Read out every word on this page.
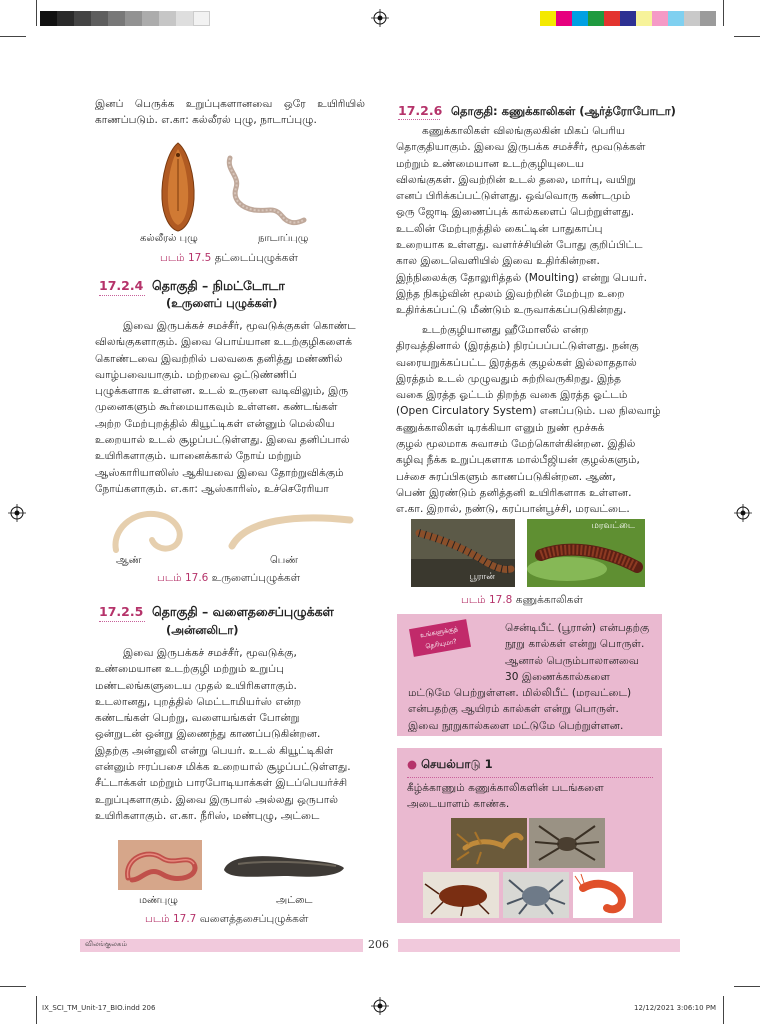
இனப் பெருக்க உறுப்புகளானவை ஒரே உயிரியில் காணப்படும். எ.கா: கல்லீரல் புழு, நாடாப்புழு.
கல்லீரல் புழு	நாடாப்புழு
படம் 17.5 தட்டைப்புழுக்கள்
17.2.4 தொகுதி – நிமட்டோடா
(உருளைப் புழுக்கள்)
இவை இருபக்கச் சமச்சீர், மூவடுக்குகள் கொண்ட
விலங்குகளாகும். இவை பொய்யான உடற்குழிகளைக்
கொண்டவை இவற்றில் பலவகை தனித்து மண்ணில்
வாழ்பவையாகும். மற்றவை ஒட்டுண்ணிப்
புழுக்களாக உள்ளன. உடல் உருளை வடிவிலும், இரு
முனைகளும் கூர்மையாகவும் உள்ளன. கண்டங்கள்
அற்ற மேற்புறத்தில் கியூட்டிகள் என்னும் மெல்லிய
உறையால் உடல் சூழப்பட்டுள்ளது. இவை தனிப்பால்
உயிரிகளாகும். யானைக்கால் நோய் மற்றும்
ஆஸ்காரியாஸிஸ் ஆகியவை இவை தோற்றுவிக்கும்
நோய்களாகும். எ.கா: ஆஸ்காரிஸ், உச்செரேரியா
ஆண்	பெண்
படம் 17.6 உருளைப்புழுக்கள்
17.2.5 தொகுதி – வளைதசைப்புழுக்கள்
(அன்னலிடா)
இவை இருபக்கச் சமச்சீர், மூவடுக்கு,
உண்மையான உடற்குழி மற்றும் உறுப்பு
மண்டலங்களுடைய முதல் உயிரிகளாகும்.
உடலானது, புறத்தில் மெட்டாமியர்ஸ் என்ற
கண்டங்கள் பெற்று, வளையங்கள் போன்று
ஒன்றுடன் ஒன்று இணைந்து காணப்படுகின்றன.
இதற்கு அன்னுலி என்று பெயர். உடல் கியூட்டிகிள்
என்னும் ஈரப்பசை மிக்க உறையால் சூழப்பட்டுள்ளது.
சீட்டாக்கள் மற்றும் பாரபோடியாக்கள் இடப்பெயர்ச்சி
உறுப்புகளாகும். இவை இருபால் அல்லது ஒருபால்
உயிரிகளாகும். எ.கா. நீரிஸ், மண்புழு, அட்டை
மண்புழு	அட்டை
படம் 17.7 வளைத்தசைப்புழுக்கள்
17.2.6 தொகுதி: கணுக்காலிகள் (ஆர்த்ரோபோடா)
கணுக்காலிகள் விலங்குலகின் மிகப் பெரிய
தொகுதியாகும். இவை இருபக்க சமச்சீர், மூவடுக்கள்
மற்றும் உண்மையான உடற்குழியுடைய
விலங்குகள். இவற்றின் உடல் தலை, மார்பு, வயிறு
எனப் பிரிக்கப்பட்டுள்ளது. ஒவ்வொரு கண்டமும்
ஒரு ஜோடி இணைப்புக் கால்களைப் பெற்றுள்ளது.
உடலின் மேற்புறத்தில் கைட்டின் பாதுகாப்பு
உறையாக உள்ளது. வளர்ச்சியின் போது குறிப்பிட்ட
கால இடைவெளியில் இவை உதிர்கின்றன.
இந்நிலைக்கு தோலுரித்தல் (Moulting) என்று பெயர்.
இந்த நிகழ்வின் மூலம் இவற்றின் மேற்புற உறை
உதிர்க்கப்பட்டு மீண்டும் உருவாக்கப்படுகின்றது.
உடற்குழியானது ஹீமோஸீல் என்ற
திரவத்தினால் (இரத்தம்) நிரப்பப்பட்டுள்ளது. நன்கு
வரையறுக்கப்பட்ட இரத்தக் குழல்கள் இல்லாததால்
இரத்தம் உடல் முழுவதும் சுற்றிவருகிறது. இந்த
வகை இரத்த ஓட்டம் திறந்த வகை இரத்த ஓட்டம்
(Open Circulatory System) எனப்படும். பல நிலவாழ்
கணுக்காலிகள் டிரக்கியா எனும் நுண் மூச்சுக்
குழல் மூலமாக சுவாசம் மேற்கொள்கின்றன. இதில்
கழிவு நீக்க உறுப்புகளாக மால்பீஜியன் குழல்களும்,
பச்சை சுரப்பிகளும் காணப்படுகின்றன. ஆண்,
பெண் இரண்டும் தனித்தனி உயிரிகளாக உள்ளன.
எ.கா. இறால், நண்டு, கரப்பான்பூச்சி, மரவட்டை.
பூரான்
மரவட்டை
படம் 17.8 கணுக்காலிகள்
உங்களுக்குத்
தெரியுமா?
சென்டிபீட் (பூரான்) என்பதற்கு
நூறு கால்கள் என்று பொருள்.
ஆனால் பெரும்பாலானவை
30 இணைக்கால்களை
மட்டுமே பெற்றுள்ளன. மில்லிபீட் (மரவட்டை)
என்பதற்கு ஆயிரம் கால்கள் என்று பொருள்.
இவை நூறுகால்களை மட்டுமே பெற்றுள்ளன.
● செயல்பாடு 1
கீழ்க்காணும் கணுக்காலிகளின் படங்களை
அடையாளம் காண்க.
விலங்குலகம்	206
IX_SCI_TM_Unit-17_BIO.indd 206	12/12/2021 3:06:10 PM
